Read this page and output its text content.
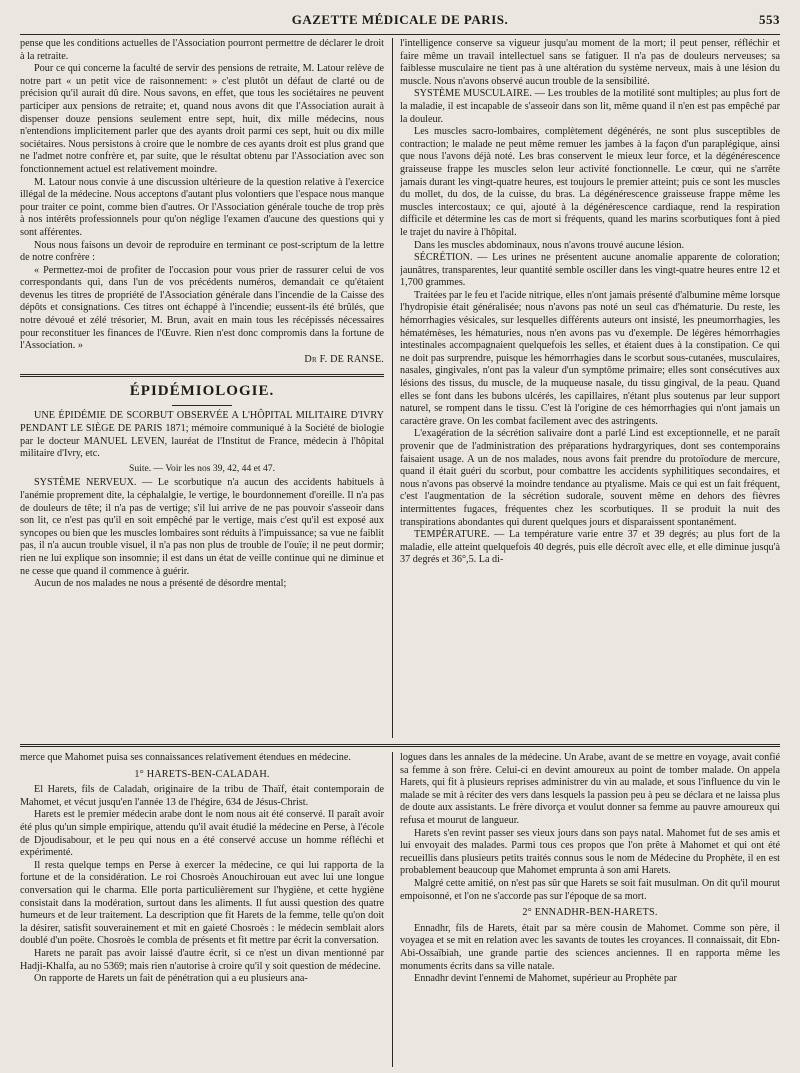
GAZETTE MÉDICALE DE PARIS.	553

pense que les conditions actuelles de l'Association pourront permettre de déclarer le droit à la retraite.

Pour ce qui concerne la faculté de servir des pensions de retraite, M. Latour relève de notre part « un petit vice de raisonnement: » c'est plutôt un défaut de clarté ou de précision qu'il aurait dû dire. Nous savons, en effet, que tous les sociétaires ne peuvent participer aux pensions de retraite; et, quand nous avons dit que l'Association aurait à dispenser douze pensions seulement entre sept, huit, dix mille médecins, nous n'entendions implicitement parler que des ayants droit parmi ces sept, huit ou dix mille sociétaires. Nous persistons à croire que le nombre de ces ayants droit est plus grand que ne l'admet notre confrère et, par suite, que le résultat obtenu par l'Association avec son fonctionnement actuel est relativement moindre.

M. Latour nous convie à une discussion ultérieure de la question relative à l'exercice illégal de la médecine. Nous acceptons d'autant plus volontiers que l'espace nous manque pour traiter ce point, comme bien d'autres. Or l'Association générale touche de trop près à nos intérêts professionnels pour qu'on néglige l'examen d'aucune des questions qui y sont afférentes.

Nous nous faisons un devoir de reproduire en terminant ce post-scriptum de la lettre de notre confrère :

« Permettez-moi de profiter de l'occasion pour vous prier de rassurer celui de vos correspondants qui, dans l'un de vos précédents numéros, demandait ce qu'étaient devenus les titres de propriété de l'Association générale dans l'incendie de la Caisse des dépôts et consignations. Ces titres ont échappé à l'incendie; eussent-ils été brûlés, que notre dévoué et zélé trésorier, M. Brun, avait en main tous les récépissés nécessaires pour reconstituer les finances de l'Œuvre. Rien n'est donc compromis dans la fortune de l'Association. »

Dr F. DE RANSE.

ÉPIDÉMIOLOGIE.

UNE ÉPIDÉMIE DE SCORBUT OBSERVÉE A L'HÔPITAL MILITAIRE D'IVRY PENDANT LE SIÈGE DE PARIS 1871; mémoire communiqué à la Société de biologie par le docteur MANUEL LEVEN, lauréat de l'Institut de France, médecin à l'hôpital militaire d'Ivry, etc.

Suite. — Voir les nos 39, 42, 44 et 47.

SYSTÈME NERVEUX. — Le scorbutique n'a aucun des accidents habituels à l'anémie proprement dite, la céphalalgie, le vertige, le bourdonnement d'oreille. Il n'a pas de douleurs de tête; il n'a pas de vertige; s'il lui arrive de ne pas pouvoir s'asseoir dans son lit, ce n'est pas qu'il en soit empêché par le vertige, mais c'est qu'il est exposé aux syncopes ou bien que les muscles lombaires sont réduits à l'impuissance; sa vue ne faiblit pas, il n'a aucun trouble visuel, il n'a pas non plus de trouble de l'ouïe; il ne peut dormir; rien ne lui explique son insomnie; il est dans un état de veille continue qui ne diminue et ne cesse que quand il commence à guérir.

Aucun de nos malades ne nous a présenté de désordre mental;

l'intelligence conserve sa vigueur jusqu'au moment de la mort; il peut penser, réfléchir et faire même un travail intellectuel sans se fatiguer. Il n'a pas de douleurs nerveuses; sa faiblesse musculaire ne tient pas à une altération du système nerveux, mais à une lésion du muscle. Nous n'avons observé aucun trouble de la sensibilité.

SYSTÈME MUSCULAIRE. — Les troubles de la motilité sont multiples; au plus fort de la maladie, il est incapable de s'asseoir dans son lit, même quand il n'en est pas empêché par la douleur.

Les muscles sacro-lombaires, complètement dégénérés, ne sont plus susceptibles de contraction; le malade ne peut même remuer les jambes à la façon d'un paraplégique, ainsi que nous l'avons déjà noté. Les bras conservent le mieux leur force, et la dégénérescence graisseuse frappe les muscles selon leur activité fonctionnelle. Le cœur, qui ne s'arrête jamais durant les vingt-quatre heures, est toujours le premier atteint; puis ce sont les muscles du mollet, du dos, de la cuisse, du bras. La dégénérescence graisseuse frappe même les muscles intercostaux; ce qui, ajouté à la dégénérescence cardiaque, rend la respiration difficile et détermine les cas de mort si fréquents, quand les marins scorbutiques font à pied le trajet du navire à l'hôpital.

Dans les muscles abdominaux, nous n'avons trouvé aucune lésion.

SÉCRÉTION. — Les urines ne présentent aucune anomalie apparente de coloration; jaunâtres, transparentes, leur quantité semble osciller dans les vingt-quatre heures entre 12 et 1,700 grammes.

Traitées par le feu et l'acide nitrique, elles n'ont jamais présenté d'albumine même lorsque l'hydropisie était généralisée; nous n'avons pas noté un seul cas d'hématurie. Du reste, les hémorrhagies vésicales, sur lesquelles différents auteurs ont insisté, les pneumorrhagies, les hématémèses, les hématuries, nous n'en avons pas vu d'exemple. De légères hémorrhagies intestinales accompagnaient quelquefois les selles, et étaient dues à la constipation. Ce qui ne doit pas surprendre, puisque les hémorrhagies dans le scorbut sous-cutanées, musculaires, nasales, gingivales, n'ont pas la valeur d'un symptôme primaire; elles sont consécutives aux lésions des tissus, du muscle, de la muqueuse nasale, du tissu gingival, de la peau. Quand elles se font dans les bubons ulcérés, les capillaires, n'étant plus soutenus par leur support naturel, se rompent dans le tissu. C'est là l'origine de ces hémorrhagies qui n'ont jamais un caractère grave. On les combat facilement avec des astringents.

L'exagération de la sécrétion salivaire dont a parlé Lind est exceptionnelle, et ne paraît provenir que de l'administration des préparations hydrargyriques, dont ses contemporains faisaient usage. A un de nos malades, nous avons fait prendre du protoïodure de mercure, quand il était guéri du scorbut, pour combattre les accidents syphilitiques secondaires, et nous n'avons pas observé la moindre tendance au ptyalisme. Mais ce qui est un fait fréquent, c'est l'augmentation de la sécrétion sudorale, souvent même en dehors des fièvres intermittentes fugaces, fréquentes chez les scorbutiques. Il se produit la nuit des transpirations abondantes qui durent quelques jours et disparaissent spontanément.

TEMPÉRATURE. — La température varie entre 37 et 39 degrés; au plus fort de la maladie, elle atteint quelquefois 40 degrés, puis elle décroît avec elle, et elle diminue jusqu'à 37 degrés et 36°,5. La di-

merce que Mahomet puisa ses connaissances relativement étendues en médecine.

1° HARETS-BEN-CALADAH.

El Harets, fils de Caladah, originaire de la tribu de Thaïf, était contemporain de Mahomet, et vécut jusqu'en l'année 13 de l'hégire, 634 de Jésus-Christ.

Harets est le premier médecin arabe dont le nom nous ait été conservé. Il paraît avoir été plus qu'un simple empirique, attendu qu'il avait étudié la médecine en Perse, à l'école de Djoudisabour, et le peu qui nous en a été conservé accuse un homme réfléchi et expérimenté.

Il resta quelque temps en Perse à exercer la médecine, ce qui lui rapporta de la fortune et de la considération. Le roi Chosroès Anouchirouan eut avec lui une longue conversation qui le charma. Elle porta particulièrement sur l'hygiène, et cette hygiène consistait dans la modération, surtout dans les aliments. Il fut aussi question des quatre humeurs et de leur traitement. La description que fit Harets de la femme, telle qu'on doit la désirer, satisfit souverainement et mit en gaieté Chosroès : le médecin semblait alors doublé d'un poëte. Chosroès le combla de présents et fit mettre par écrit la conversation.

Harets ne paraît pas avoir laissé d'autre écrit, si ce n'est un divan mentionné par Hadji-Khalfa, au no 5369; mais rien n'autorise à croire qu'il y soit question de médecine.

On rapporte de Harets un fait de pénétration qui a eu plusieurs ana-

logues dans les annales de la médecine. Un Arabe, avant de se mettre en voyage, avait confié sa femme à son frère. Celui-ci en devint amoureux au point de tomber malade. On appela Harets, qui fit à plusieurs reprises administrer du vin au malade, et sous l'influence du vin le malade se mit à réciter des vers dans lesquels la passion peu à peu se déclara et ne laissa plus de doute aux assistants. Le frère divorça et voulut donner sa femme au pauvre amoureux qui refusa et mourut de langueur.

Harets s'en revint passer ses vieux jours dans son pays natal. Mahomet fut de ses amis et lui envoyait des malades. Parmi tous ces propos que l'on prête à Mahomet et qui ont été recueillis dans plusieurs petits traités connus sous le nom de Médecine du Prophète, il en est probablement beaucoup que Mahomet emprunta à son ami Harets.

Malgré cette amitié, on n'est pas sûr que Harets se soit fait musulman. On dit qu'il mourut empoisonné, et l'on ne s'accorde pas sur l'époque de sa mort.

2° ENNADHR-BEN-HARETS.

Ennadhr, fils de Harets, était par sa mère cousin de Mahomet. Comme son père, il voyagea et se mit en relation avec les savants de toutes les croyances. Il connaissait, dit Ebn-Abi-Ossaïbiah, une grande partie des sciences anciennes. Il en rapporta même les monuments écrits dans sa ville natale.

Ennadhr devint l'ennemi de Mahomet, supérieur au Prophète par
